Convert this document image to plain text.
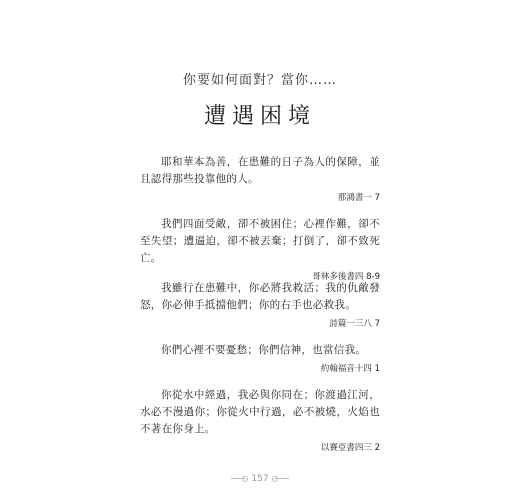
你要如何面對？當你……
遭遇困境

耶和華本為善，在患難的日子為人的保障，並且認得那些投靠他的人。

那鴻書一 7

我們四面受敵，卻不被困住；心裡作難，卻不至失望；遭逼迫，卻不被丟棄；打倒了，卻不致死亡。

哥林多後書四 8-9

我雖行在患難中，你必將我救活；我的仇敵發怒，你必伸手抵擋他們；你的右手也必救我。

詩篇一三八 7

你們心裡不要憂愁；你們信神，也當信我。

約翰福音十四 1

你從水中經過，我必與你同在；你渡過江河，水必不漫過你；你從火中行過，必不被燒，火焰也不著在你身上。

以賽亞書四三 2

157
